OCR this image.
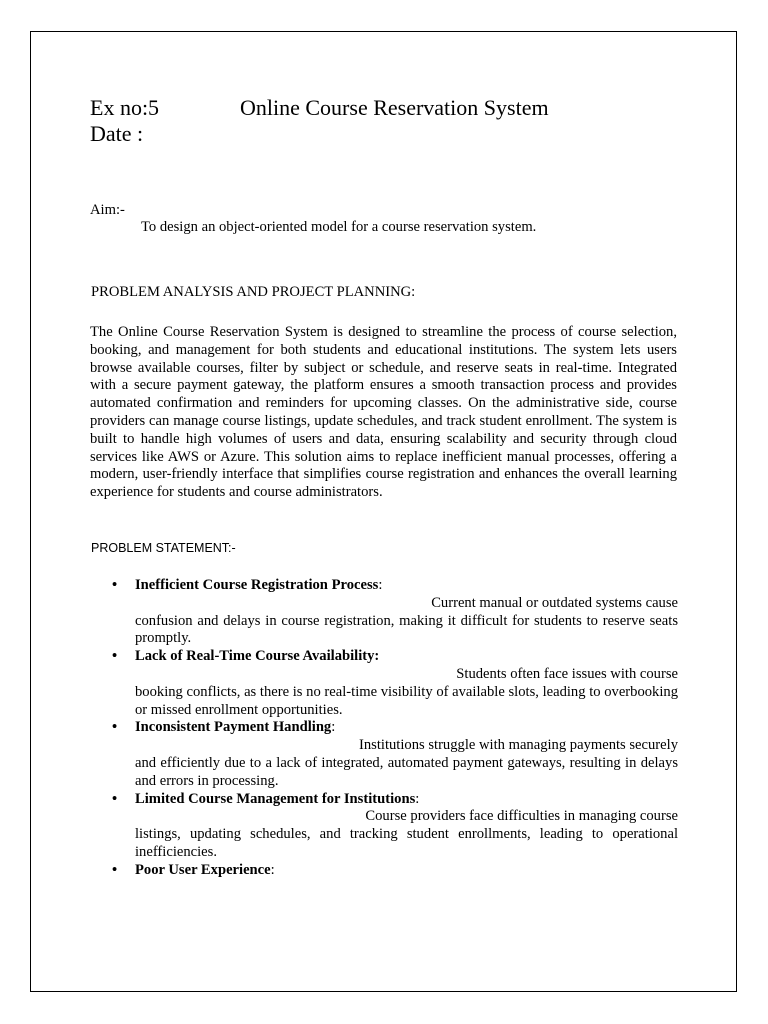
Ex no:5	Online Course Reservation System
Date :
Aim:-
To design an object-oriented model for a course reservation system.
PROBLEM ANALYSIS AND PROJECT PLANNING:
The Online Course Reservation System is designed to streamline the process of course selection, booking, and management for both students and educational institutions. The system lets users browse available courses, filter by subject or schedule, and reserve seats in real-time. Integrated with a secure payment gateway, the platform ensures a smooth transaction process and provides automated confirmation and reminders for upcoming classes. On the administrative side, course providers can manage course listings, update schedules, and track student enrollment. The system is built to handle high volumes of users and data, ensuring scalability and security through cloud services like AWS or Azure. This solution aims to replace inefficient manual processes, offering a modern, user-friendly interface that simplifies course registration and enhances the overall learning experience for students and course administrators.
PROBLEM STATEMENT:-
• Inefficient Course Registration Process:
Current manual or outdated systems cause
confusion and delays in course registration, making it difficult for students to reserve seats promptly.
• Lack of Real-Time Course Availability:
Students often face issues with course
booking conflicts, as there is no real-time visibility of available slots, leading to overbooking or missed enrollment opportunities.
• Inconsistent Payment Handling:
Institutions struggle with managing payments securely
and efficiently due to a lack of integrated, automated payment gateways, resulting in delays and errors in processing.
• Limited Course Management for Institutions:
Course providers face difficulties in managing course
listings, updating schedules, and tracking student enrollments, leading to operational inefficiencies.
• Poor User Experience:
